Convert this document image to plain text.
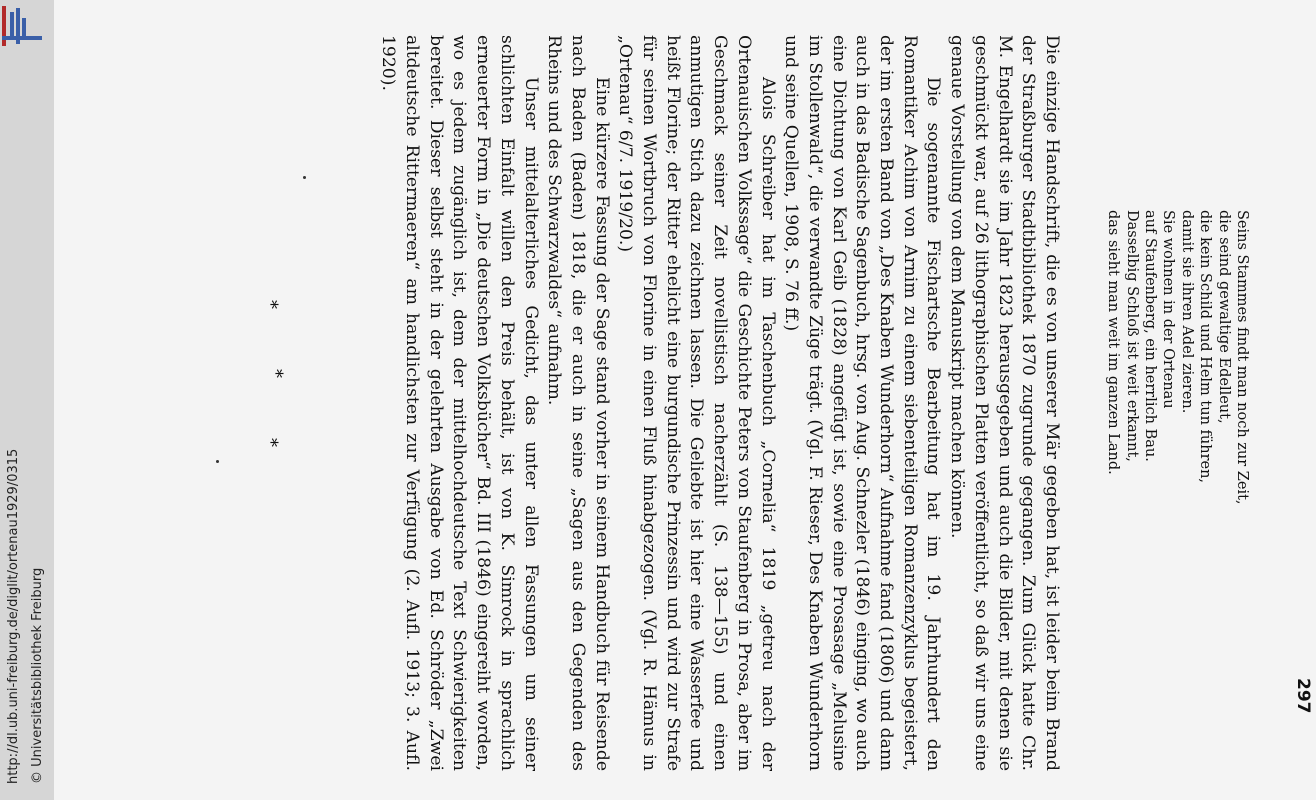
http://dl.ub.uni-freiburg.de/diglit/ortenau1929/0315 © Universitätsbibliothek Freiburg	297
Seins Stammes findt man noch zur Zeit,
die seind gewaltige Edelleut,
die kein Schild und Helm tun führen,
damit sie ihren Adel zieren.
Sie wohnen in der Ortenau
auf Staufenberg, ein herrlich Bau.
Dasselbig Schloß ist weit erkannt,
das sieht man weit im ganzen Land.

Die einzige Handschrift, die es von unserer Mär gegeben hat, ist leider beim Brand der Straßburger Stadtbibliothek 1870 zugrunde gegangen. Zum Glück hatte Chr. M. Engelhardt sie im Jahr 1823 herausgegeben und auch die Bilder, mit denen sie geschmückt war, auf 26 lithographischen Platten veröffentlicht, so daß wir uns eine genaue Vorstellung von dem Manuskript machen können.

Die sogenannte Fischartsche Bearbeitung hat im 19. Jahrhundert den Romantiker Achim von Arnim zu einem siebenteiligen Romanzenzyklus begeistert, der im ersten Band von „Des Knaben Wunderhorn“ Aufnahme fand (1806) und dann auch in das Badische Sagenbuch, hrsg. von Aug. Schnezler (1846) einging, wo auch eine Dichtung von Karl Geib (1828) angefügt ist, sowie eine Prosasage „Melusine im Stollenwald“, die verwandte Züge trägt. (Vgl. F. Rieser, Des Knaben Wunderhorn und seine Quellen, 1908, S. 76 ff.)

Alois Schreiber hat im Taschenbuch „Cornelia“ 1819 „getreu nach der Ortenauischen Volkssage“ die Geschichte Peters von Staufenberg in Prosa, aber im Geschmack seiner Zeit novellistisch nacherzählt (S. 138—155) und einen anmutigen Stich dazu zeichnen lassen. Die Geliebte ist hier eine Wasserfee und heißt Florine; der Ritter ehelicht eine burgundische Prinzessin und wird zur Strafe für seinen Wortbruch von Florine in einen Fluß hinabgezogen. (Vgl. R. Hämus in „Ortenau“ 6/7. 1919/20.)

Eine kürzere Fassung der Sage stand vorher in seinem Handbuch für Reisende nach Baden (Baden) 1818, die er auch in seine „Sagen aus den Gegenden des Rheins und des Schwarzwaldes“ aufnahm.

Unser mittelalterliches Gedicht, das unter allen Fassungen um seiner schlichten Einfalt willen den Preis behält, ist von K. Simrock in sprachlich erneuerter Form in „Die deutschen Volksbücher“ Bd. III (1846) eingereiht worden, wo es jedem zugänglich ist, dem der mittelhochdeutsche Text Schwierigkeiten bereitet. Dieser selbst steht in der gelehrten Ausgabe von Ed. Schröder „Zwei altdeutsche Rittermaeren“ am handlichsten zur Verfügung (2. Aufl. 1913; 3. Aufl. 1920).

*
*
*
